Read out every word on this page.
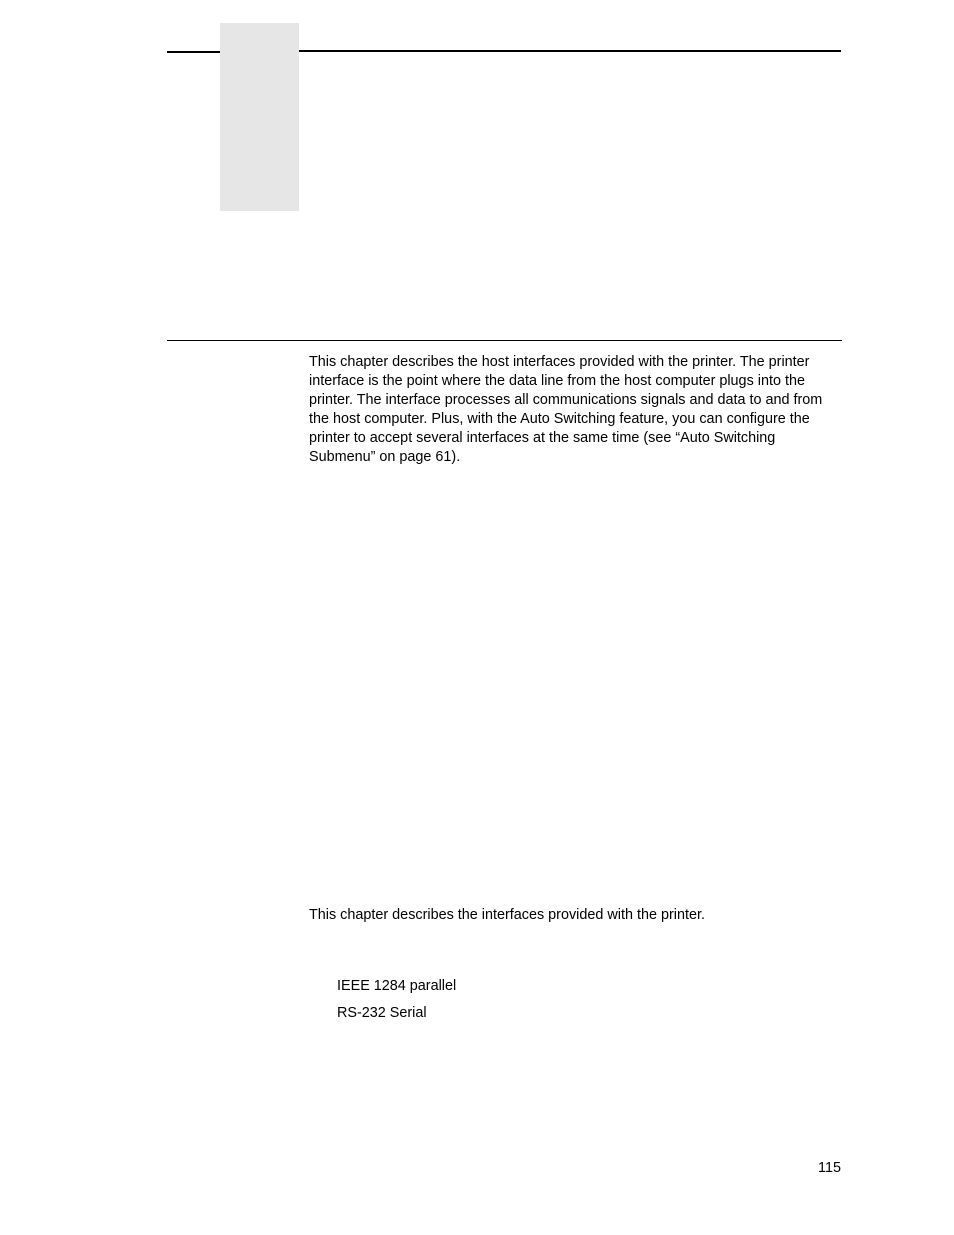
This chapter describes the host interfaces provided with the printer. The printer interface is the point where the data line from the host computer plugs into the printer. The interface processes all communications signals and data to and from the host computer. Plus, with the Auto Switching feature, you can configure the printer to accept several interfaces at the same time (see “Auto Switching Submenu” on page 61).

This chapter describes the interfaces provided with the printer.

IEEE 1284 parallel
RS-232 Serial
115
